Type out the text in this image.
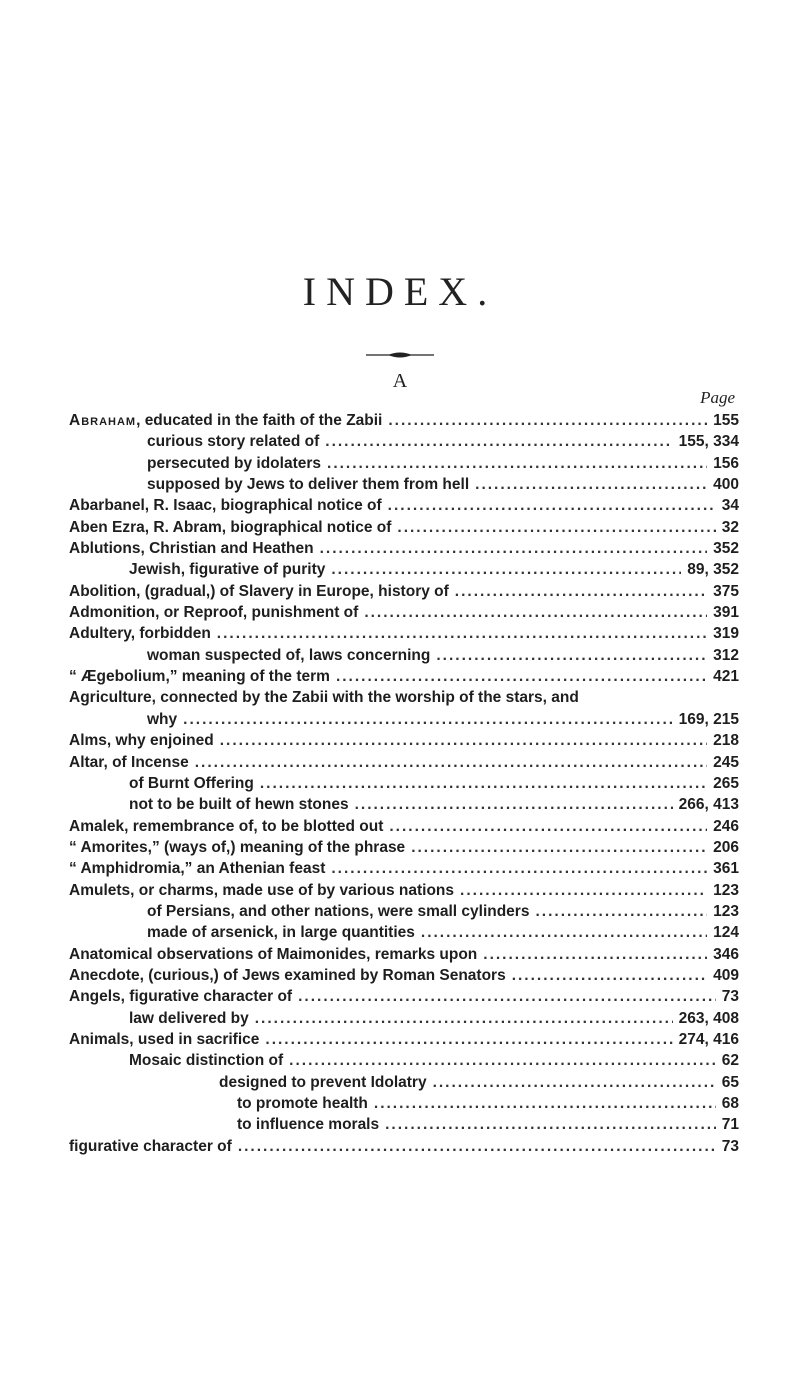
INDEX.
A
Page
Abraham, educated in the faith of the Zabii .....	155
curious story related of .....	155, 334
persecuted by idolaters .....	156
supposed by Jews to deliver them from hell .....	400
Abarbanel, R. Isaac, biographical notice of .....	34
Aben Ezra, R. Abram, biographical notice of .....	32
Ablutions, Christian and Heathen .....	352
Jewish, figurative of purity .....	89, 352
Abolition, (gradual,) of Slavery in Europe, history of .....	375
Admonition, or Reproof, punishment of .....	391
Adultery, forbidden .....	319
woman suspected of, laws concerning .....	312
“ Ægebolium,” meaning of the term .....	421
Agriculture, connected by the Zabii with the worship of the stars, and
why .....	169, 215
Alms, why enjoined .....	218
Altar, of Incense .....	245
of Burnt Offering .....	265
not to be built of hewn stones .....	266, 413
Amalek, remembrance of, to be blotted out .....	246
“ Amorites,” (ways of,) meaning of the phrase .....	206
“ Amphidromia,” an Athenian feast .....	361
Amulets, or charms, made use of by various nations .....	123
of Persians, and other nations, were small cylinders .....	123
made of arsenick, in large quantities .....	124
Anatomical observations of Maimonides, remarks upon .....	346
Anecdote, (curious,) of Jews examined by Roman Senators .....	409
Angels, figurative character of .....	73
law delivered by .....	263, 408
Animals, used in sacrifice .....	274, 416
Mosaic distinction of .....	62
designed to prevent Idolatry .....	65
to promote health .....	68
to influence morals .....	71
figurative character of .....	73
